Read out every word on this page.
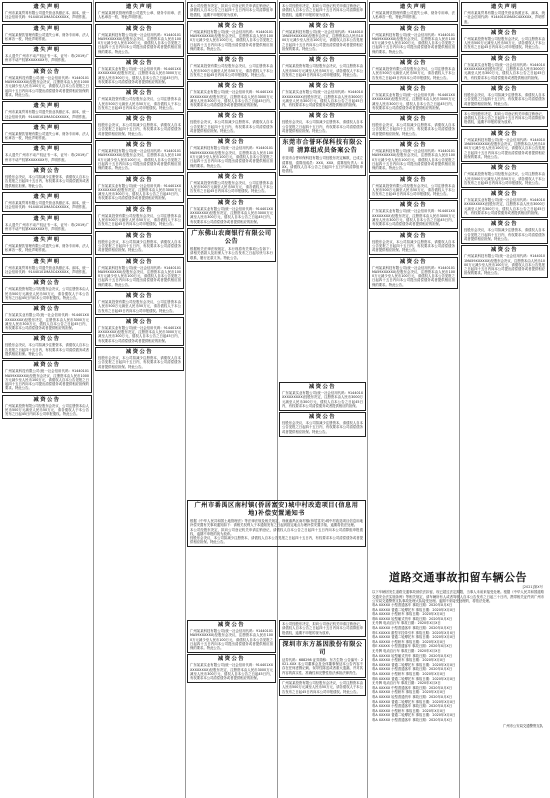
遗失声明

广州市某某贸易有限公司遗失营业执照正本、副本，统一社会信用代码：91440101MA5C4XXXXX，声明作废。

遗失声明

广州某某餐饮管理有限公司遗失公章、财务专用章、法人私章各一枚，特此声明作废。

遗失声明

本人遗失广州市不动产权证书一本，证号：粤(2019)广州市不动产权第XXXXXXX号，声明作废。

减资公告

广州某某科技有限公司(统一社会信用代码：91440101MA59XXXXXX)经股东会决议，注册资本由人民币1000万元减少至人民币100万元，请债权人自本公告见报之日起四十五日内向本公司提出清偿债务或者提供相应担保的要求。特此公告。

遗失声明

广州市某某贸易有限公司遗失营业执照正本、副本，统一社会信用代码：91440101MA5C4XXXXX，声明作废。

遗失声明

广州某某餐饮管理有限公司遗失公章、财务专用章、法人私章各一枚，特此声明作废。

遗失声明

本人遗失广州市不动产权证书一本，证号：粤(2019)广州市不动产权第XXXXXXX号，声明作废。

减资公告

经股东会决议，本公司拟减少注册资本，请债权人自本公告见报之日起四十五日内，有权要求本公司清偿债务或者提供相应担保。特此公告。

遗失声明

广州市某某贸易有限公司遗失营业执照正本、副本，统一社会信用代码：91440101MA5C4XXXXX，声明作废。

遗失声明

本人遗失广州市不动产权证书一本，证号：粤(2019)广州市不动产权第XXXXXXX号，声明作废。

遗失声明

广州某某餐饮管理有限公司遗失公章、财务专用章、法人私章各一枚，特此声明作废。

遗失声明

广州市某某贸易有限公司遗失营业执照正本、副本，统一社会信用代码：91440101MA5C4XXXXX，声明作废。

减资公告

广州某某投资有限公司经股东会决议，公司注册资本由人民币500万元减至人民币50万元，请各债权人于本公告发布之日起45日内向本公司申报债权。特此公告。

减资公告

广东某某实业有限公司(统一社会信用代码：914401XXXXXXXXXX)经股东决定，注册资本由人民币3000万元减至人民币300万元，债权人自本公告之日起45日内，有权要求本公司清偿债务或者提供相应的担保。

减资公告

经股东会决议，本公司拟减少注册资本，请债权人自本公告见报之日起四十五日内，有权要求本公司清偿债务或者提供相应担保。特此公告。

减资公告

广州某某科技有限公司(统一社会信用代码：91440101MA59XXXXXX)经股东会决议，注册资本由人民币1000万元减少至人民币100万元，请债权人自本公告见报之日起四十五日内向本公司提出清偿债务或者提供相应担保的要求。特此公告。

减资公告

广州某某投资有限公司经股东会决议，公司注册资本由人民币500万元减至人民币50万元，请各债权人于本公告发布之日起45日内向本公司申报债权。特此公告。

遗失声明

广州某某餐饮管理有限公司遗失公章、财务专用章、法人私章各一枚，特此声明作废。

减资公告

广州某某科技有限公司(统一社会信用代码：91440101MA59XXXXXX)经股东会决议，注册资本由人民币1000万元减少至人民币100万元，请债权人自本公告见报之日起四十五日内向本公司提出清偿债务或者提供相应担保的要求。特此公告。

减资公告

广东某某实业有限公司(统一社会信用代码：914401XXXXXXXXXX)经股东决定，注册资本由人民币3000万元减至人民币300万元，债权人自本公告之日起45日内，有权要求本公司清偿债务或者提供相应的担保。

减资公告

广州某某投资有限公司经股东会决议，公司注册资本由人民币500万元减至人民币50万元，请各债权人于本公告发布之日起45日内向本公司申报债权。特此公告。

减资公告

经股东会决议，本公司拟减少注册资本，请债权人自本公告见报之日起四十五日内，有权要求本公司清偿债务或者提供相应担保。特此公告。

减资公告

广州某某科技有限公司(统一社会信用代码：91440101MA59XXXXXX)经股东会决议，注册资本由人民币1000万元减少至人民币100万元，请债权人自本公告见报之日起四十五日内向本公司提出清偿债务或者提供相应担保的要求。特此公告。

减资公告

广东某某实业有限公司(统一社会信用代码：914401XXXXXXXXXX)经股东决定，注册资本由人民币3000万元减至人民币300万元，债权人自本公告之日起45日内，有权要求本公司清偿债务或者提供相应的担保。

减资公告

广州某某投资有限公司经股东会决议，公司注册资本由人民币500万元减至人民币50万元，请各债权人于本公告发布之日起45日内向本公司申报债权。特此公告。

减资公告

经股东会决议，本公司拟减少注册资本，请债权人自本公告见报之日起四十五日内，有权要求本公司清偿债务或者提供相应担保。特此公告。

减资公告

广州某某科技有限公司(统一社会信用代码：91440101MA59XXXXXX)经股东会决议，注册资本由人民币1000万元减少至人民币100万元，请债权人自本公告见报之日起四十五日内向本公司提出清偿债务或者提供相应担保的要求。特此公告。

减资公告

广州某某投资有限公司经股东会决议，公司注册资本由人民币500万元减至人民币50万元，请各债权人于本公告发布之日起45日内向本公司申报债权。特此公告。

减资公告

广东某某实业有限公司(统一社会信用代码：914401XXXXXXXXXX)经股东决定，注册资本由人民币3000万元减至人民币300万元，债权人自本公告之日起45日内，有权要求本公司清偿债务或者提供相应的担保。

减资公告

经股东会决议，本公司拟减少注册资本，请债权人自本公告见报之日起四十五日内，有权要求本公司清偿债务或者提供相应担保。特此公告。

本公司经股东决定，拟向公司登记机关申请注销登记，请债权人自本公告之日起四十五日内向本公司清算组申报债权，逾期不申报的视为放弃。

减资公告

广州某某科技有限公司(统一社会信用代码：91440101MA59XXXXXX)经股东会决议，注册资本由人民币1000万元减少至人民币100万元，请债权人自本公告见报之日起四十五日内向本公司提出清偿债务或者提供相应担保的要求。特此公告。

减资公告

广州某某投资有限公司经股东会决议，公司注册资本由人民币500万元减至人民币50万元，请各债权人于本公告发布之日起45日内向本公司申报债权。特此公告。

减资公告

广东某某实业有限公司(统一社会信用代码：914401XXXXXXXXXX)经股东决定，注册资本由人民币3000万元减至人民币300万元，债权人自本公告之日起45日内，有权要求本公司清偿债务或者提供相应的担保。

减资公告

经股东会决议，本公司拟减少注册资本，请债权人自本公告见报之日起四十五日内，有权要求本公司清偿债务或者提供相应担保。特此公告。

减资公告

广州某某科技有限公司(统一社会信用代码：91440101MA59XXXXXX)经股东会决议，注册资本由人民币1000万元减少至人民币100万元，请债权人自本公告见报之日起四十五日内向本公司提出清偿债务或者提供相应担保的要求。特此公告。

减资公告

广州某某投资有限公司经股东会决议，公司注册资本由人民币500万元减至人民币50万元，请各债权人于本公告发布之日起45日内向本公司申报债权。特此公告。

减资公告

广东某某实业有限公司(统一社会信用代码：914401XXXXXXXXXX)经股东决定，注册资本由人民币3000万元减至人民币300万元，债权人自本公告之日起45日内，有权要求本公司清偿债务或者提供相应的担保。

广东佛山农商银行有限公司公告

根据相关法律法规规定，本行现将有关事项公告如下：请相关借款人及担保人于本公告发布之日起尽快与本行联系，履行还款义务。特此公告。

本公司经股东决定，拟向公司登记机关申请注销登记，请债权人自本公告之日起四十五日内向本公司清算组申报债权，逾期不申报的视为放弃。

减资公告

广州某某科技有限公司(统一社会信用代码：91440101MA59XXXXXX)经股东会决议，注册资本由人民币1000万元减少至人民币100万元，请债权人自本公告见报之日起四十五日内向本公司提出清偿债务或者提供相应担保的要求。特此公告。

减资公告

广州某某投资有限公司经股东会决议，公司注册资本由人民币500万元减至人民币50万元，请各债权人于本公告发布之日起45日内向本公司申报债权。特此公告。

减资公告

广东某某实业有限公司(统一社会信用代码：914401XXXXXXXXXX)经股东决定，注册资本由人民币3000万元减至人民币300万元，债权人自本公告之日起45日内，有权要求本公司清偿债务或者提供相应的担保。

减资公告

经股东会决议，本公司拟减少注册资本，请债权人自本公告见报之日起四十五日内，有权要求本公司清偿债务或者提供相应担保。特此公告。

东莞市合誉环保科技有限公司 清算组成员备案公告

东莞市合誉环保科技有限公司经股东决定解散，已成立清算组，清算组成员：XXX、XXX，清算组负责人：XXX。请债权人自本公告之日起四十五日内向清算组申报债权。

广州市番禺区南村镇(侨居富安)城中村改造项目(信息用地)补偿安置通知书

根据《中华人民共和国土地管理法》等法律法规及相关规定，现就番禺区南村镇(侨居富安)城中村改造项目信息用地补偿安置有关事项通知如下：请相关权利人于本通知发布之日起到指定地点办理补偿安置手续，逾期将依法处理。

本公司经股东决定，拟向公司登记机关申请注销登记，请债权人自本公告之日起四十五日内向本公司清算组申报债权，逾期不申报的视为放弃。

经股东会决议，本公司拟减少注册资本，请债权人自本公告见报之日起四十五日内，有权要求本公司清偿债务或者提供相应担保。特此公告。

减资公告

广州某某科技有限公司(统一社会信用代码：91440101MA59XXXXXX)经股东会决议，注册资本由人民币1000万元减少至人民币100万元，请债权人自本公告见报之日起四十五日内向本公司提出清偿债务或者提供相应担保的要求。特此公告。

减资公告

广东某某实业有限公司(统一社会信用代码：914401XXXXXXXXXX)经股东决定，注册资本由人民币3000万元减至人民币300万元，债权人自本公告之日起45日内，有权要求本公司清偿债务或者提供相应的担保。

本公司经股东决定，拟向公司登记机关申请注销登记，请债权人自本公告之日起四十五日内向本公司清算组申报债权，逾期不申报的视为放弃。

深圳市东方基因股份有限公司

证券代码：688298 证券简称：东方生物 公告编号：2021-XXX 本公司董事会及全体董事保证本公告内容不存在任何虚假记载、误导性陈述或者重大遗漏，并对其内容的真实性、准确性和完整性依法承担法律责任。

广州某某投资有限公司经股东会决议，公司注册资本由人民币500万元减至人民币50万元，请各债权人于本公告发布之日起45日内向本公司申报债权。特此公告。

减资公告

广东某某实业有限公司(统一社会信用代码：914401XXXXXXXXXX)经股东决定，注册资本由人民币3000万元减至人民币300万元，债权人自本公告之日起45日内，有权要求本公司清偿债务或者提供相应的担保。

减资公告

经股东会决议，本公司拟减少注册资本，请债权人自本公告见报之日起四十五日内，有权要求本公司清偿债务或者提供相应担保。特此公告。

遗失声明

广州某某餐饮管理有限公司遗失公章、财务专用章、法人私章各一枚，特此声明作废。

减资公告

广州某某科技有限公司(统一社会信用代码：91440101MA59XXXXXX)经股东会决议，注册资本由人民币1000万元减少至人民币100万元，请债权人自本公告见报之日起四十五日内向本公司提出清偿债务或者提供相应担保的要求。特此公告。

减资公告

广州某某投资有限公司经股东会决议，公司注册资本由人民币500万元减至人民币50万元，请各债权人于本公告发布之日起45日内向本公司申报债权。特此公告。

减资公告

广东某某实业有限公司(统一社会信用代码：914401XXXXXXXXXX)经股东决定，注册资本由人民币3000万元减至人民币300万元，债权人自本公告之日起45日内，有权要求本公司清偿债务或者提供相应的担保。

减资公告

经股东会决议，本公司拟减少注册资本，请债权人自本公告见报之日起四十五日内，有权要求本公司清偿债务或者提供相应担保。特此公告。

减资公告

广州某某科技有限公司(统一社会信用代码：91440101MA59XXXXXX)经股东会决议，注册资本由人民币1000万元减少至人民币100万元，请债权人自本公告见报之日起四十五日内向本公司提出清偿债务或者提供相应担保的要求。特此公告。

减资公告

广州某某投资有限公司经股东会决议，公司注册资本由人民币500万元减至人民币50万元，请各债权人于本公告发布之日起45日内向本公司申报债权。特此公告。

减资公告

广东某某实业有限公司(统一社会信用代码：914401XXXXXXXXXX)经股东决定，注册资本由人民币3000万元减至人民币300万元，债权人自本公告之日起45日内，有权要求本公司清偿债务或者提供相应的担保。

减资公告

经股东会决议，本公司拟减少注册资本，请债权人自本公告见报之日起四十五日内，有权要求本公司清偿债务或者提供相应担保。特此公告。

减资公告

广州某某科技有限公司(统一社会信用代码：91440101MA59XXXXXX)经股东会决议，注册资本由人民币1000万元减少至人民币100万元，请债权人自本公告见报之日起四十五日内向本公司提出清偿债务或者提供相应担保的要求。特此公告。

遗失声明

广州市某某贸易有限公司遗失营业执照正本、副本，统一社会信用代码：91440101MA5C4XXXXX，声明作废。

减资公告

广州某某投资有限公司经股东会决议，公司注册资本由人民币500万元减至人民币50万元，请各债权人于本公告发布之日起45日内向本公司申报债权。特此公告。

减资公告

广东某某实业有限公司(统一社会信用代码：914401XXXXXXXXXX)经股东决定，注册资本由人民币3000万元减至人民币300万元，债权人自本公告之日起45日内，有权要求本公司清偿债务或者提供相应的担保。

减资公告

经股东会决议，本公司拟减少注册资本，请债权人自本公告见报之日起四十五日内，有权要求本公司清偿债务或者提供相应担保。特此公告。

本公司经股东决定，拟向公司登记机关申请注销登记，请债权人自本公告之日起四十五日内向本公司清算组申报债权，逾期不申报的视为放弃。

减资公告

广州某某科技有限公司(统一社会信用代码：91440101MA59XXXXXX)经股东会决议，注册资本由人民币1000万元减少至人民币100万元，请债权人自本公告见报之日起四十五日内向本公司提出清偿债务或者提供相应担保的要求。特此公告。

减资公告

广州某某投资有限公司经股东会决议，公司注册资本由人民币500万元减至人民币50万元，请各债权人于本公告发布之日起45日内向本公司申报债权。特此公告。

减资公告

广东某某实业有限公司(统一社会信用代码：914401XXXXXXXXXX)经股东决定，注册资本由人民币3000万元减至人民币300万元，债权人自本公告之日起45日内，有权要求本公司清偿债务或者提供相应的担保。

减资公告

经股东会决议，本公司拟减少注册资本，请债权人自本公告见报之日起四十五日内，有权要求本公司清偿债务或者提供相应担保。特此公告。

减资公告

广州某某科技有限公司(统一社会信用代码：91440101MA59XXXXXX)经股东会决议，注册资本由人民币1000万元减少至人民币100万元，请债权人自本公告见报之日起四十五日内向本公司提出清偿债务或者提供相应担保的要求。特此公告。

道路交通事故扣留车辆公告
[2021]第X号

以下车辆因发生道路交通事故被依法扣留，现已超过法定期限，当事人未前来接受处理。根据《中华人民共和国道路交通安全法实施条例》等相关规定，请车辆所有人或者驾驶人自本公告发布之日起三十日内，携带相关证件到广州市公安局交通警察支队事故处理大队接受处理。逾期不来接受处理的，将依法处理。

粤A XXXXX 小型普通客车 事故日期：2020年X月X日
粤A XXXXX 普通二轮摩托车 事故日期：2020年X月X日
粤A XXXXX 小型轿车 事故日期：2020年X月X日
粤B XXXXX 轻型厢式货车 事故日期：2020年X月X日
无号牌 电动自行车 事故日期：2020年X月X日
粤A XXXXX 小型普通客车 事故日期：2020年X月X日
粤S XXXXX 重型半挂牵引车 事故日期：2020年X月X日
粤A XXXXX 普通二轮摩托车 事故日期：2020年X月X日
粤A XXXXX 小型轿车 事故日期：2020年X月X日
粤E XXXXX 小型普通客车 事故日期：2020年X月X日
无号牌 电动自行车 事故日期：2020年X月X日
粤A XXXXX 轻型厢式货车 事故日期：2020年X月X日
粤A XXXXX 小型轿车 事故日期：2020年X月X日
粤A XXXXX 普通二轮摩托车 事故日期：2020年X月X日
粤A XXXXX 小型普通客车 事故日期：2020年X月X日
粤A XXXXX 小型轿车 事故日期：2020年X月X日
粤B XXXXX 普通二轮摩托车 事故日期：2020年X月X日
无号牌 电动自行车 事故日期：2020年X月X日
粤A XXXXX 中型普通客车 事故日期：2020年X月X日
粤A XXXXX 小型轿车 事故日期：2020年X月X日
粤A XXXXX 轻型普通货车 事故日期：2020年X月X日
粤A XXXXX 普通二轮摩托车 事故日期：2020年X月X日
粤A XXXXX 小型普通客车 事故日期：2020年X月X日
粤A XXXXX 小型轿车 事故日期：2020年X月X日
粤A XXXXX 普通二轮摩托车 事故日期：2020年X月X日
粤A XXXXX 小型普通客车 事故日期：2020年X月X日
广州市公安局交通警察支队
